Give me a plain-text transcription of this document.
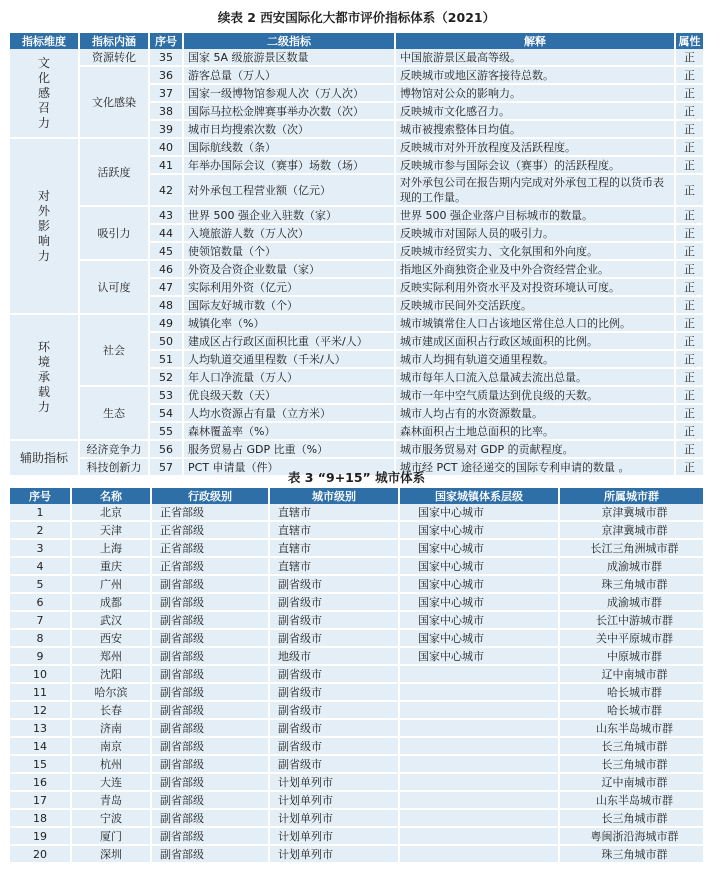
续表 2 西安国际化大都市评价指标体系（2021）
指标维度	指标内涵	序号	二级指标	解释	属性
文化感召力	资源转化	35	国家 5A 级旅游景区数量	中国旅游景区最高等级。	正
	文化感染	36	游客总量（万人）	反映城市或地区游客接待总数。	正
		37	国家一级博物馆参观人次（万人次）	博物馆对公众的影响力。	正
		38	国际马拉松金牌赛事举办次数（次）	反映城市文化感召力。	正
		39	城市日均搜索次数（次）	城市被搜索整体日均值。	正
对外影响力	活跃度	40	国际航线数（条）	反映城市对外开放程度及活跃程度。	正
		41	年举办国际会议（赛事）场数（场）	反映城市参与国际会议（赛事）的活跃程度。	正
		42	对外承包工程营业额（亿元）	对外承包公司在报告期内完成对外承包工程的以货币表现的工作量。	正
	吸引力	43	世界 500 强企业入驻数（家）	世界 500 强企业落户目标城市的数量。	正
		44	入境旅游人数（万人次）	反映城市对国际人员的吸引力。	正
		45	使领馆数量（个）	反映城市经贸实力、文化氛围和外向度。	正
	认可度	46	外资及合资企业数量（家）	指地区外商独资企业及中外合资经营企业。	正
		47	实际利用外资（亿元）	反映实际利用外资水平及对投资环境认可度。	正
		48	国际友好城市数（个）	反映城市民间外交活跃度。	正
环境承载力	社会	49	城镇化率（%）	城市城镇常住人口占该地区常住总人口的比例。	正
		50	建成区占行政区面积比重（平米/人）	城市建成区面积占行政区域面积的比例。	正
		51	人均轨道交通里程数（千米/人）	城市人均拥有轨道交通里程数。	正
		52	年人口净流量（万人）	城市每年人口流入总量减去流出总量。	正
	生态	53	优良级天数（天）	城市一年中空气质量达到优良级的天数。	正
		54	人均水资源占有量（立方米）	城市人均占有的水资源数量。	正
		55	森林覆盖率（%）	森林面积占土地总面积的比率。	正
辅助指标	经济竞争力	56	服务贸易占 GDP 比重（%）	城市服务贸易对 GDP 的贡献程度。	正
	科技创新力	57	PCT 申请量（件）	城市经 PCT 途径递交的国际专利申请的数量 。	正
表 3 “9+15” 城市体系
序号	名称	行政级别	城市级别	国家城镇体系层级	所属城市群
1	北京	正省部级	直辖市	国家中心城市	京津冀城市群
2	天津	正省部级	直辖市	国家中心城市	京津冀城市群
3	上海	正省部级	直辖市	国家中心城市	长江三角洲城市群
4	重庆	正省部级	直辖市	国家中心城市	成渝城市群
5	广州	副省部级	副省级市	国家中心城市	珠三角城市群
6	成都	副省部级	副省级市	国家中心城市	成渝城市群
7	武汉	副省部级	副省级市	国家中心城市	长江中游城市群
8	西安	副省部级	副省级市	国家中心城市	关中平原城市群
9	郑州	副省部级	地级市	国家中心城市	中原城市群
10	沈阳	副省部级	副省级市		辽中南城市群
11	哈尔滨	副省部级	副省级市		哈长城市群
12	长春	副省部级	副省级市		哈长城市群
13	济南	副省部级	副省级市		山东半岛城市群
14	南京	副省部级	副省级市		长三角城市群
15	杭州	副省部级	副省级市		长三角城市群
16	大连	副省部级	计划单列市		辽中南城市群
17	青岛	副省部级	计划单列市		山东半岛城市群
18	宁波	副省部级	计划单列市		长三角城市群
19	厦门	副省部级	计划单列市		粤闽浙沿海城市群
20	深圳	副省部级	计划单列市		珠三角城市群
